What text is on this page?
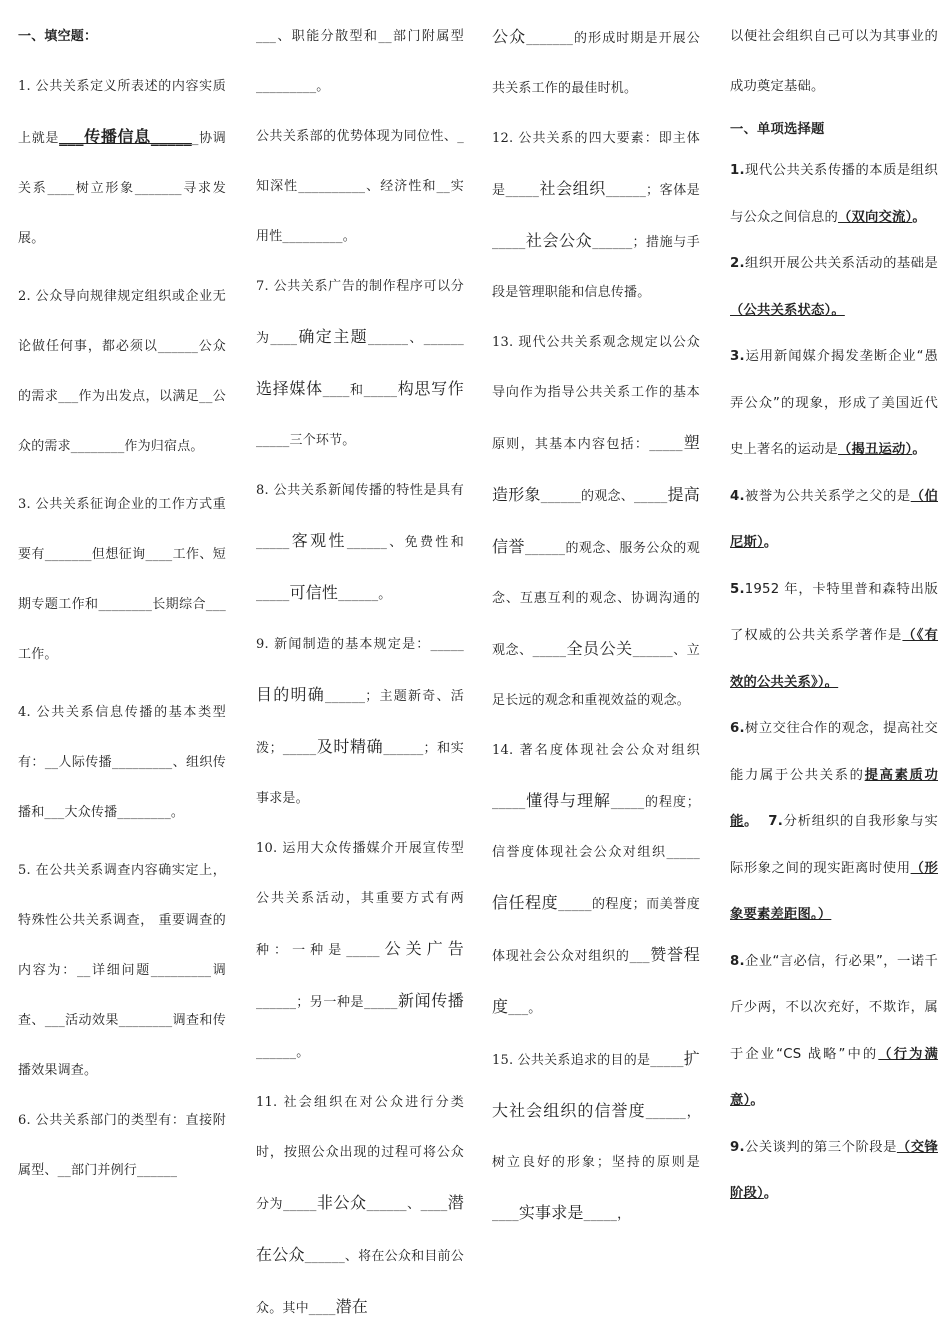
一、填空题：

1. 公共关系定义所表述的内容实质上就是___传播信息______协调关系____树立形象_______寻求发展。

2. 公众导向规律规定组织或企业无论做任何事，都必须以______公众的需求___作为出发点，以满足__公众的需求________作为归宿点。

3. 公共关系征询企业的工作方式重要有_______但想征询____工作、短期专题工作和________长期综合___工作。

4. 公共关系信息传播的基本类型有：__人际传播_________、组织传播和___大众传播________。

5. 在公共关系调查内容确实定上，特殊性公共关系调查， 重要调查的内容为：__详细问题_________调查、___活动效果________调查和传播效果调查。

6. 公共关系部门的类型有：直接附属型、__部门并例行______

___、职能分散型和__部门附属型_________。

公共关系部的优势体现为同位性、_知深性__________、经济性和__实用性_________。

7. 公共关系广告的制作程序可以分为____确定主题______、______选择媒体____和_____构思写作_____三个环节。

8. 公共关系新闻传播的特性是具有_____客观性______、免费性和_____可信性______。

9. 新闻制造的基本规定是：_____目的明确______；主题新奇、活泼；_____及时精确______；和实事求是。

10. 运用大众传播媒介开展宣传型公共关系活动，其重要方式有两种：一种是_____公关广告______；另一种是_____新闻传播______。

11. 社会组织在对公众进行分类时，按照公众出现的过程可将公众分为_____非公众______、____潜在公众______、将在公众和目前公众。其中____潜在

公众_______的形成时期是开展公共关系工作的最佳时机。

12. 公共关系的四大要素：即主体是_____社会组织______；客体是_____社会公众______；措施与手段是管理职能和信息传播。

13. 现代公共关系观念规定以公众导向作为指导公共关系工作的基本原则，其基本内容包括：_____塑造形象______的观念、_____提高信誉______的观念、服务公众的观念、互惠互利的观念、协调沟通的观念、_____全员公关______、立足长远的观念和重视效益的观念。

14. 著名度体现社会公众对组织_____懂得与理解_____的程度；信誉度体现社会公众对组织_____信任程度_____的程度；而美誉度体现社会公众对组织的___赞誉程度___。

15. 公共关系追求的目的是_____扩大社会组织的信誉度______，树立良好的形象；坚持的原则是____实事求是_____，

以便社会组织自己可以为其事业的成功奠定基础。

一、单项选择题

1.现代公共关系传播的本质是组织与公众之间信息的（双向交流）。

2.组织开展公共关系活动的基础是（公共关系状态）。

3.运用新闻媒介揭发垄断企业“愚弄公众”的现象，形成了美国近代史上著名的运动是（揭丑运动）。

4.被誉为公共关系学之父的是（伯尼斯）。

5.1952 年，卡特里普和森特出版了权威的公共关系学著作是（《有效的公共关系》）。

6.树立交往合作的观念，提高社交能力属于公共关系的提高素质功能。 7.分析组织的自我形象与实际形象之间的现实距离时使用（形象要素差距图。）

8.企业“言必信，行必果”，一诺千斤少两，不以次充好，不欺诈，属于企业“CS 战略”中的（行为满意）。

9.公关谈判的第三个阶段是（交锋阶段）。
